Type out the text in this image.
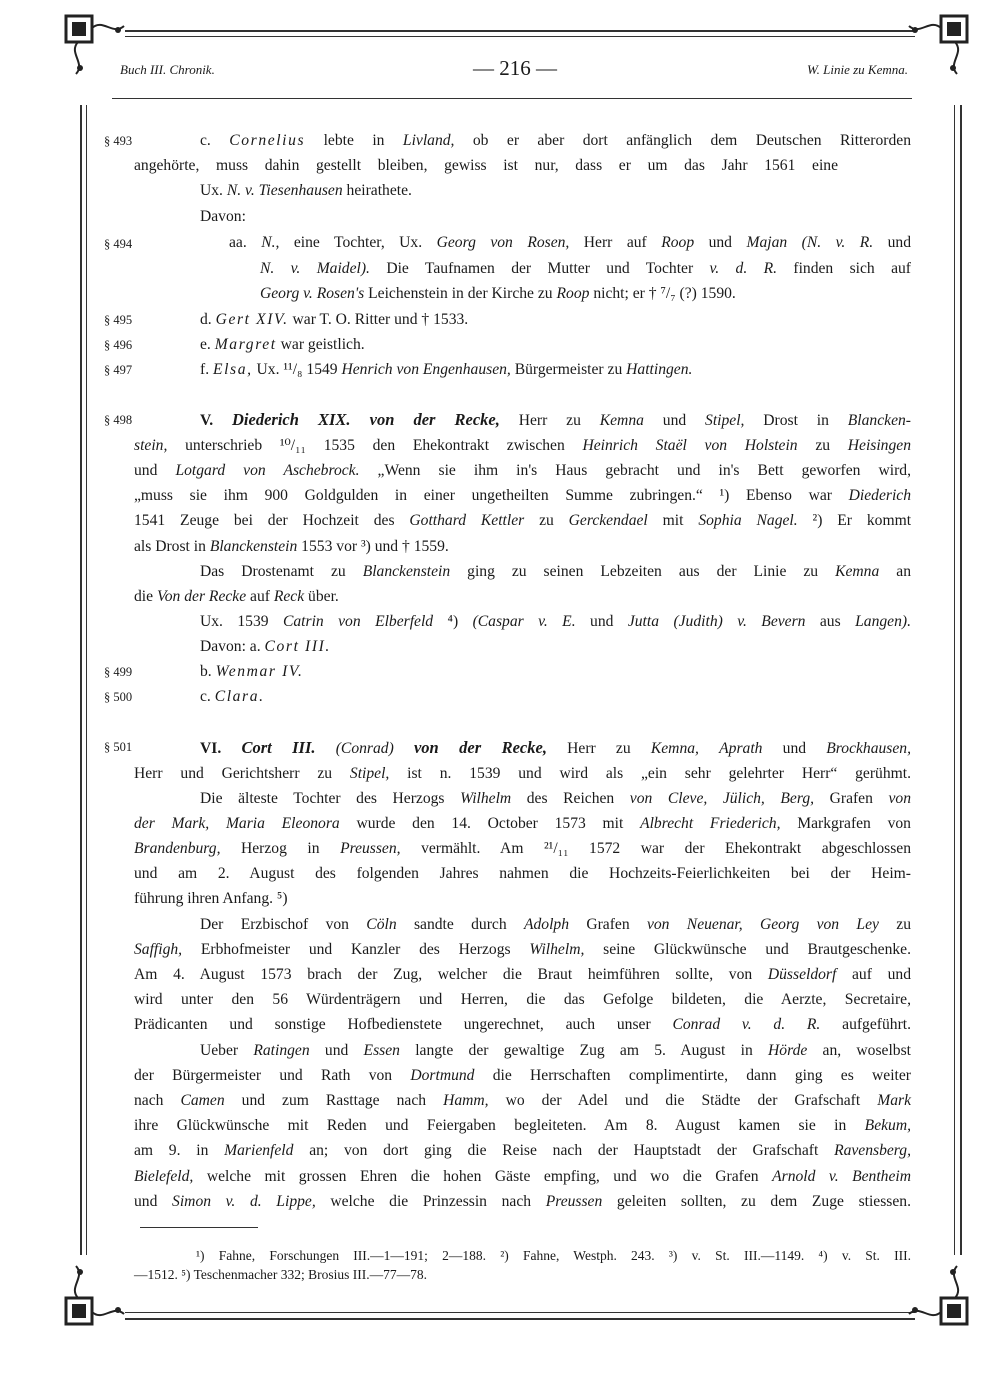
Buch III. Chronik.	— 216 —	W. Linie zu Kemna.
§ 493
§ 494
§ 495
§ 496
§ 497
§ 498
§ 499
§ 500
§ 501
c. Cornelius lebte in Livland, ob er aber dort anfänglich dem Deutschen Ritterorden
angehörte, muss dahin gestellt bleiben, gewiss ist nur, dass er um das Jahr 1561 eine
Ux. N. v. Tiesenhausen heirathete.
Davon:
aa. N., eine Tochter, Ux. Georg von Rosen, Herr auf Roop und Majan (N. v. R. und
N. v. Maidel). Die Taufnamen der Mutter und Tochter v. d. R. finden sich auf
Georg v. Rosen's Leichenstein in der Kirche zu Roop nicht; er † ⁷/₇ (?) 1590.
d. Gert XIV. war T. O. Ritter und † 1533.
e. Margret war geistlich.
f. Elsa, Ux. ¹¹/₈ 1549 Henrich von Engenhausen, Bürgermeister zu Hattingen.
V. Diederich XIX. von der Recke, Herr zu Kemna und Stipel, Drost in Blancken-
stein, unterschrieb ¹⁰/₁₁ 1535 den Ehekontrakt zwischen Heinrich Staël von Holstein zu Heisingen
und Lotgard von Aschebrock. „Wenn sie ihm in's Haus gebracht und in's Bett geworfen wird,
„muss sie ihm 900 Goldgulden in einer ungetheilten Summe zubringen.“ ¹) Ebenso war Diederich
1541 Zeuge bei der Hochzeit des Gotthard Kettler zu Gerckendael mit Sophia Nagel. ²) Er kommt
als Drost in Blanckenstein 1553 vor ³) und † 1559.
Das Drostenamt zu Blanckenstein ging zu seinen Lebzeiten aus der Linie zu Kemna an
die Von der Recke auf Reck über.
Ux. 1539 Catrin von Elberfeld ⁴) (Caspar v. E. und Jutta (Judith) v. Bevern aus Langen).
Davon: a. Cort III.
b. Wenmar IV.
c. Clara.
VI. Cort III. (Conrad) von der Recke, Herr zu Kemna, Aprath und Brockhausen,
Herr und Gerichtsherr zu Stipel, ist n. 1539 und wird als „ein sehr gelehrter Herr“ gerühmt.
Die älteste Tochter des Herzogs Wilhelm des Reichen von Cleve, Jülich, Berg, Grafen von
der Mark, Maria Eleonora wurde den 14. October 1573 mit Albrecht Friederich, Markgrafen von
Brandenburg, Herzog in Preussen, vermählt. Am ²¹/₁₁ 1572 war der Ehekontrakt abgeschlossen
und am 2. August des folgenden Jahres nahmen die Hochzeits-Feierlichkeiten bei der Heim-
führung ihren Anfang. ⁵)
Der Erzbischof von Cöln sandte durch Adolph Grafen von Neuenar, Georg von Ley zu
Saffigh, Erbhofmeister und Kanzler des Herzogs Wilhelm, seine Glückwünsche und Brautgeschenke.
Am 4. August 1573 brach der Zug, welcher die Braut heimführen sollte, von Düsseldorf auf und
wird unter den 56 Würdenträgern und Herren, die das Gefolge bildeten, die Aerzte, Secretaire,
Prädicanten und sonstige Hofbedienstete ungerechnet, auch unser Conrad v. d. R. aufgeführt.
Ueber Ratingen und Essen langte der gewaltige Zug am 5. August in Hörde an, woselbst
der Bürgermeister und Rath von Dortmund die Herrschaften complimentirte, dann ging es weiter
nach Camen und zum Rasttage nach Hamm, wo der Adel und die Städte der Grafschaft Mark
ihre Glückwünsche mit Reden und Feiergaben begleiteten. Am 8. August kamen sie in Bekum,
am 9. in Marienfeld an; von dort ging die Reise nach der Hauptstadt der Grafschaft Ravensberg,
Bielefeld, welche mit grossen Ehren die hohen Gäste empfing, und wo die Grafen Arnold v. Bentheim
und Simon v. d. Lippe, welche die Prinzessin nach Preussen geleiten sollten, zu dem Zuge stiessen.
¹) Fahne, Forschungen III.—1—191; 2—188. ²) Fahne, Westph. 243. ³) v. St. III.—1149. ⁴) v. St. III.
—1512. ⁵) Teschenmacher 332; Brosius III.—77—78.
